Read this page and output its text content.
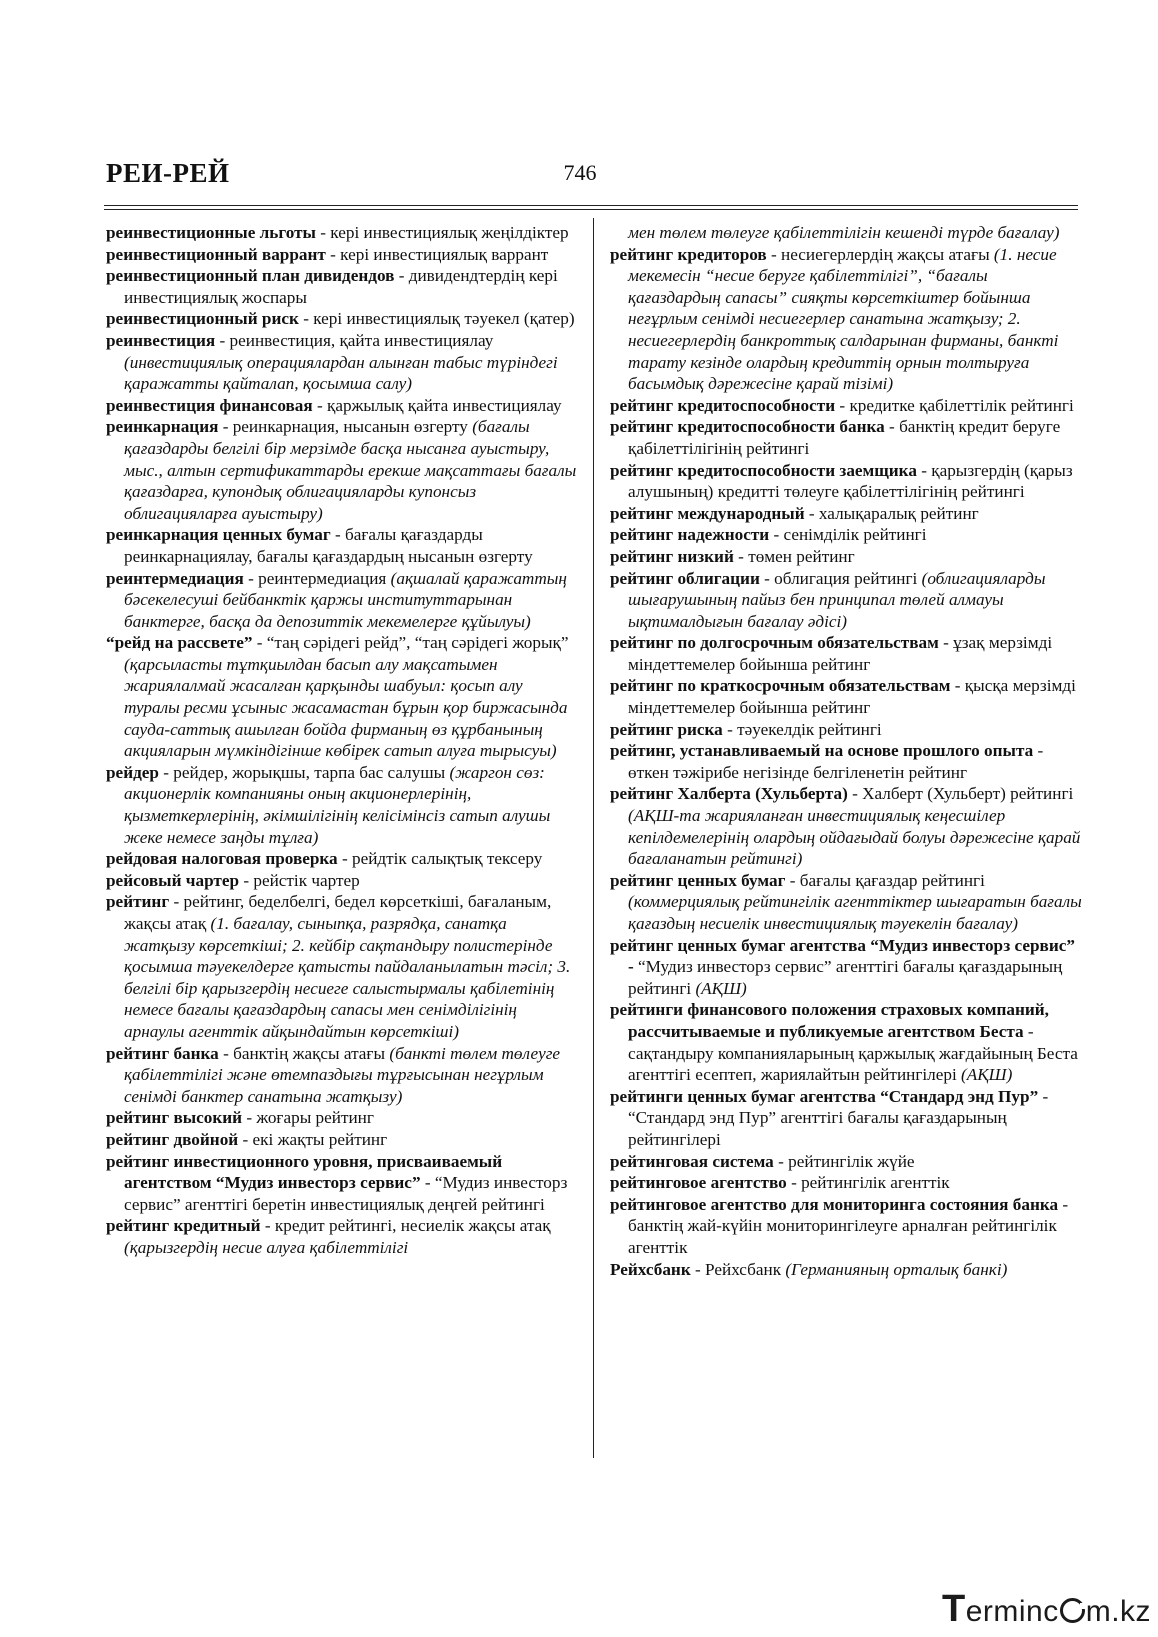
РЕИ-РЕЙ	746

реинвестиционные льготы - кері инвестициялық жеңілдіктер

реинвестиционный варрант - кері инвестициялық варрант

реинвестиционный план дивидендов - дивидендтердің кері инвестициялық жоспары

реинвестиционный риск - кері инвестициялық тәуекел (қатер)

реинвестиция - реинвестиция, қайта инвестициялау (инвестициялық операциялардан алынған табыс түріндегі қаражатты қайталап, қосымша салу)

реинвестиция финансовая - қаржылық қайта инвестициялау

реинкарнация - реинкарнация, нысанын өзгерту (бағалы қағаздарды белгілі бір мерзімде басқа нысанға ауыстыру, мыс., алтын сертификаттарды ерекше мақсаттағы бағалы қағаздарға, купондық облигацияларды купонсыз облигацияларға ауыстыру)

реинкарнация ценных бумаг - бағалы қағаздарды реинкарнациялау, бағалы қағаздардың нысанын өзгерту

реинтермедиация - реинтермедиация (ақшалай қаражаттың бәсекелесуші бейбанктік қаржы институттарынан банктерге, басқа да депозиттік мекемелерге құйылуы)

“рейд на рассвете” - “таң сәрідегі рейд”, “таң сәрідегі жорық” (қарсыласты тұтқиылдан басып алу мақсатымен жариялалмай жасалған қарқынды шабуыл: қосып алу туралы ресми ұсыныс жасамастан бұрын қор биржасында сауда-саттық ашылған бойда фирманың өз құрбанының акцияларын мүмкіндігінше көбірек сатып алуға тырысуы)

рейдер - рейдер, жорықшы, тарпа бас салушы (жаргон сөз: акционерлік компанияны оның акционерлерінің, қызметкерлерінің, әкімшілігінің келісімінсіз сатып алушы жеке немесе заңды тұлға)

рейдовая налоговая проверка - рейдтік салықтық тексеру

рейсовый чартер - рейстік чартер

рейтинг - рейтинг, беделбелгі, бедел көрсеткіші, бағаланым, жақсы атақ (1. бағалау, сыныпқа, разрядқа, санатқа жатқызу көрсеткіші; 2. кейбір сақтандыру полистерінде қосымша тәуекелдерге қатысты пайдаланылатын тәсіл; 3. белгілі бір қарызгердің несиеге салыстырмалы қабілетінің немесе бағалы қағаздардың сапасы мен сенімділігінің арнаулы агенттік айқындайтын көрсеткіші)

рейтинг банка - банктің жақсы атағы (банкті төлем төлеуге қабілеттілігі және өтемпаздығы тұрғысынан негұрлым сенімді банктер санатына жатқызу)

рейтинг высокий - жоғары рейтинг

рейтинг двойной - екі жақты рейтинг

рейтинг инвестиционного уровня, присваиваемый агентством “Мудиз инвесторз сервис” - “Мудиз инвесторз сервис” агенттігі беретін инвестициялық деңгей рейтингі

рейтинг кредитный - кредит рейтингі, несиелік жақсы атақ (қарызгердің несие алуға қабілеттілігі

мен төлем төлеуге қабілеттілігін кешенді түрде бағалау)

рейтинг кредиторов - несиегерлердің жақсы атағы (1. несие мекемесін “несие беруге қабілеттілігі”, “бағалы қағаздардың сапасы” сияқты көрсеткіштер бойынша неғұрлым сенімді несиегерлер санатына жатқызу; 2. несиегерлердің банкроттық салдарынан фирманы, банкті тарату кезінде олардың кредиттің орнын толтыруға басымдық дәрежесіне қарай тізімі)

рейтинг кредитоспособности - кредитке қабілеттілік рейтингі

рейтинг кредитоспособности банка - банктің кредит беруге қабілеттілігінің рейтингі

рейтинг кредитоспособности заемщика - қарызгердің (қарыз алушының) кредитті төлеуге қабілеттілігінің рейтингі

рейтинг международный - халықаралық рейтинг

рейтинг надежности - сенімділік рейтингі

рейтинг низкий - төмен рейтинг

рейтинг облигации - облигация рейтингі (облигацияларды шығарушының пайыз бен принципал төлей алмауы ықтималдығын бағалау әдісі)

рейтинг по долгосрочным обязательствам - ұзақ мерзімді міндеттемелер бойынша рейтинг

рейтинг по краткосрочным обязательствам - қысқа мерзімді міндеттемелер бойынша рейтинг

рейтинг риска - тәуекелдік рейтингі

рейтинг, устанавливаемый на основе прошлого опыта - өткен тәжірибе негізінде белгіленетін рейтинг

рейтинг Халберта (Хульберта) - Халберт (Хульберт) рейтингі (АҚШ-та жарияланған инвестициялық кеңесшілер кепілдемелерінің олардың ойдағыдай болуы дәрежесіне қарай бағаланатын рейтингі)

рейтинг ценных бумаг - бағалы қағаздар рейтингі (коммерциялық рейтингілік агенттіктер шығаратын бағалы қағаздың несиелік инвестициялық тәуекелін бағалау)

рейтинг ценных бумаг агентства “Мудиз инвесторз сервис” - “Мудиз инвесторз сервис” агенттігі бағалы қағаздарының рейтингі (АҚШ)

рейтинги финансового положения страховых компаний, рассчитываемые и публикуемые агентством Беста - сақтандыру компанияларының қаржылық жағдайының Беста агенттігі есептеп, жариялайтын рейтингілері (АҚШ)

рейтинги ценных бумаг агентства “Стандард энд Пур” - “Стандард энд Пур” агенттігі бағалы қағаздарының рейтингілері

рейтинговая система - рейтингілік жүйе

рейтинговое агентство - рейтингілік агенттік

рейтинговое агентство для мониторинга состояния банка - банктің жай-күйін мониторингілеуге арналған рейтингілік агенттік

Рейхсбанк - Рейхсбанк (Германияның орталық банкі)

Terminc m.kz
